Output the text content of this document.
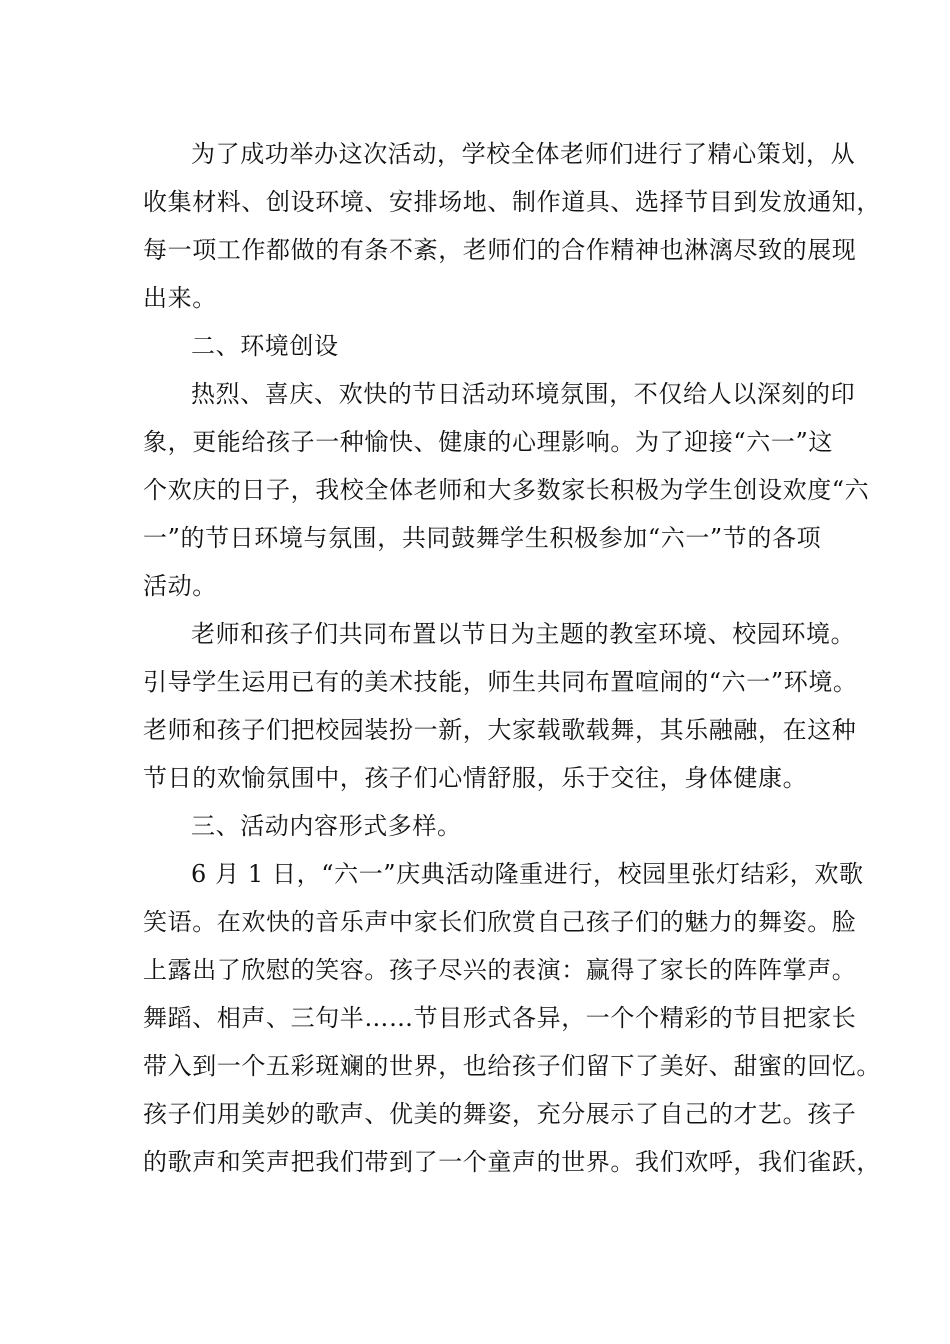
为了成功举办这次活动，学校全体老师们进行了精心策划，从
收集材料、创设环境、安排场地、制作道具、选择节目到发放通知，
每一项工作都做的有条不紊，老师们的合作精神也淋漓尽致的展现
出来。
二、环境创设
热烈、喜庆、欢快的节日活动环境氛围，不仅给人以深刻的印
象，更能给孩子一种愉快、健康的心理影响。为了迎接“六一”这
个欢庆的日子，我校全体老师和大多数家长积极为学生创设欢度“六
一”的节日环境与氛围，共同鼓舞学生积极参加“六一”节的各项
活动。
老师和孩子们共同布置以节日为主题的教室环境、校园环境。
引导学生运用已有的美术技能，师生共同布置喧闹的“六一”环境。
老师和孩子们把校园装扮一新，大家载歌载舞，其乐融融，在这种
节日的欢愉氛围中，孩子们心情舒服，乐于交往，身体健康。
三、活动内容形式多样。
6 月 1 日，“六一”庆典活动隆重进行，校园里张灯结彩，欢歌
笑语。在欢快的音乐声中家长们欣赏自己孩子们的魅力的舞姿。脸
上露出了欣慰的笑容。孩子尽兴的表演：赢得了家长的阵阵掌声。
舞蹈、相声、三句半……节目形式各异，一个个精彩的节目把家长
带入到一个五彩斑斓的世界，也给孩子们留下了美好、甜蜜的回忆。
孩子们用美妙的歌声、优美的舞姿，充分展示了自己的才艺。孩子
的歌声和笑声把我们带到了一个童声的世界。我们欢呼，我们雀跃，
